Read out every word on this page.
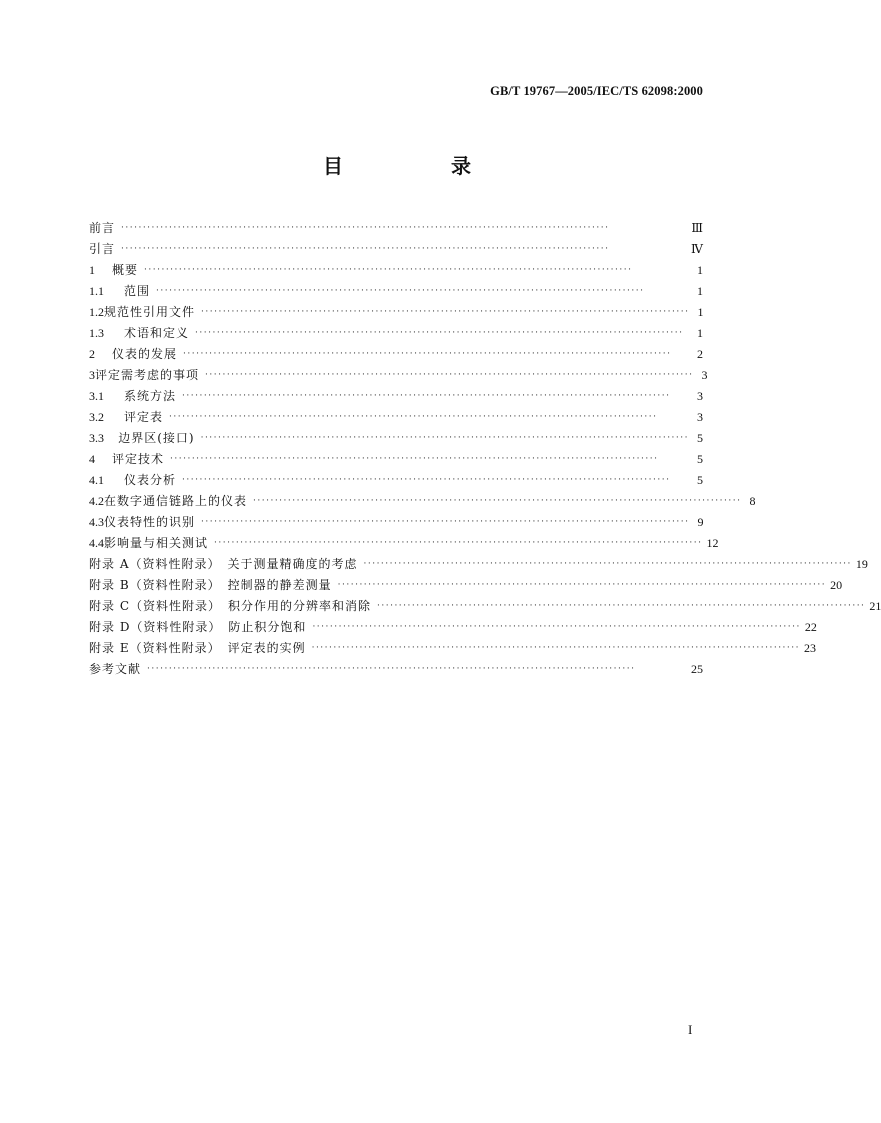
GB/T 19767—2005/IEC/TS 62098:2000
目　录
前言 ················································································································	Ⅲ
引言 ················································································································	Ⅳ
1	概要 ················································································································	1
1.1	范围 ················································································································	1
1.2 规范性引用文件 ················································································································ 1
1.3	术语和定义 ················································································································	1
2	仪表的发展 ················································································································	2
3 评定需考虑的事项 ················································································································ 3
3.1	系统方法 ················································································································	3
3.2	评定表 ················································································································	3
3.3	边界区(接口) ················································································································ 5
4	评定技术 ················································································································	5
4.1	仪表分析 ················································································································	5
4.2 在数字通信链路上的仪表 ················································································································ 8
4.3 仪表特性的识别 ················································································································ 9
4.4 影响量与相关测试 ················································································································ 12
附录 A（资料性附录）　关于测量精确度的考虑 ················································································································ 19
附录 B（资料性附录）　控制器的静差测量 ················································································································ 20
附录 C（资料性附录）　积分作用的分辨率和消除 ················································································································ 21
附录 D（资料性附录）　防止积分饱和 ················································································································ 22
附录 E（资料性附录）　评定表的实例 ················································································································ 23
参考文献 ················································································································	25
I
